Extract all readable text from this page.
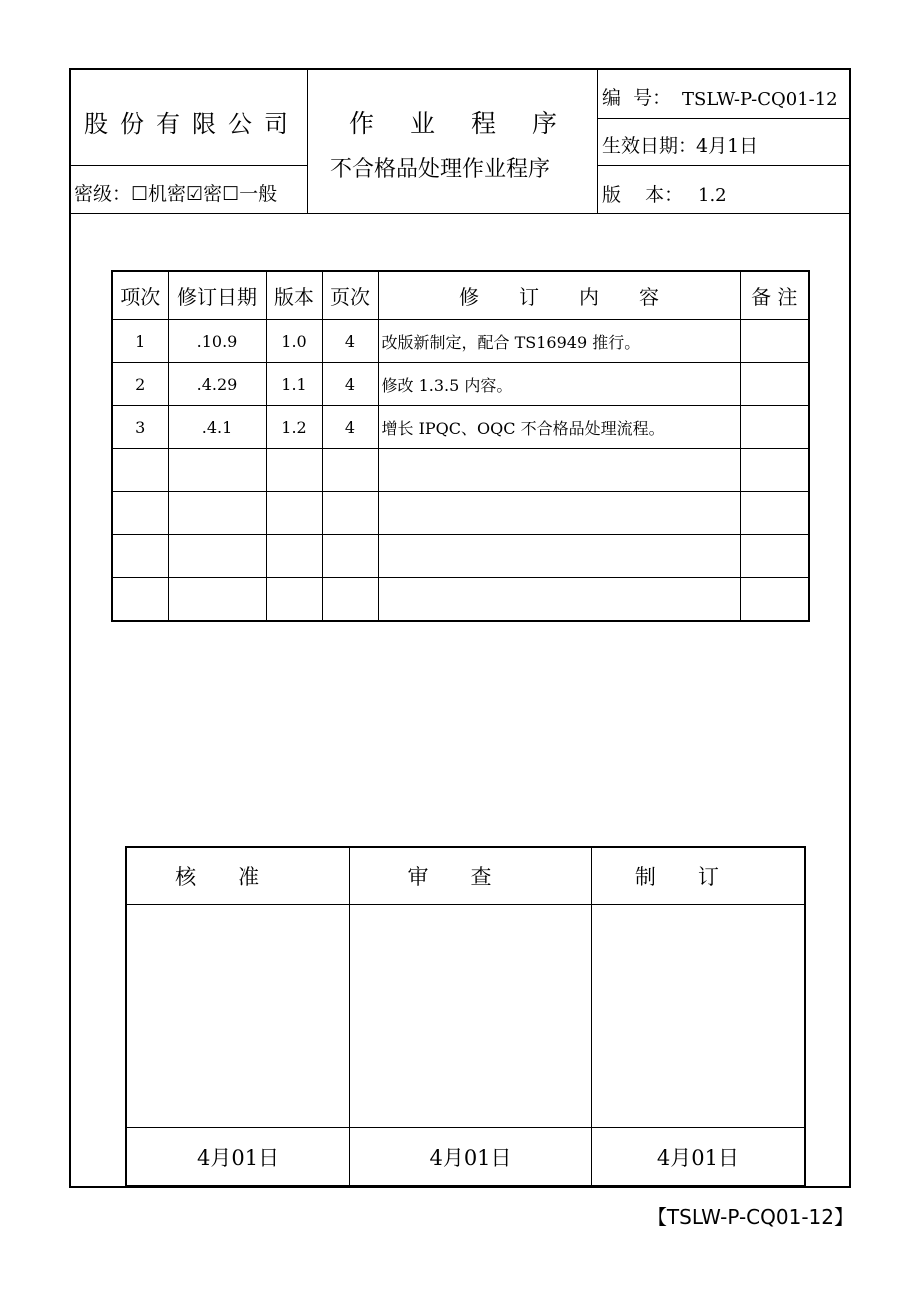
股份有限公司
密级：☐机密☑密☐一般
作业程序
不合格品处理作业程序
编  号： TSLW-P-CQ01-12
生效日期：
4月1日
版    本： 1.2
项次	修订日期	版本	页次	修　　订　　内　　容	备 注
1	.10.9	1.0	4	改版新制定，配合 TS16949 推行。	
2	.4.29	1.1	4	修改 1.3.5 内容。	
3	.4.1	1.2	4	增长 IPQC、OQC 不合格品处理流程。	

核准	审查	制订

4月01日	4月01日	4月01日
【TSLW-P-CQ01-12】
